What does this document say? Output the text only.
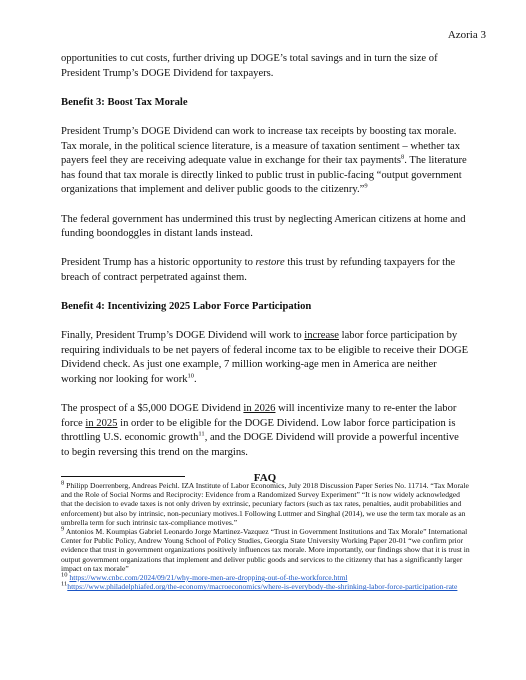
Azoria 3

opportunities to cut costs, further driving up DOGE’s total savings and in turn the size of President Trump’s DOGE Dividend for taxpayers.

Benefit 3: Boost Tax Morale

President Trump’s DOGE Dividend can work to increase tax receipts by boosting tax morale. Tax morale, in the political science literature, is a measure of taxation sentiment – whether tax payers feel they are receiving adequate value in exchange for their tax payments$^8$. The literature has found that tax morale is directly linked to public trust in public-facing “output government organizations that implement and deliver public goods to the citizenry.”$^9$

The federal government has undermined this trust by neglecting American citizens at home and funding boondoggles in distant lands instead.

President Trump has a historic opportunity to restore this trust by refunding taxpayers for the breach of contract perpetrated against them.

Benefit 4: Incentivizing 2025 Labor Force Participation

Finally, President Trump’s DOGE Dividend will work to increase labor force participation by requiring individuals to be net payers of federal income tax to be eligible to receive their DOGE Dividend check. As just one example, 7 million working-age men in America are neither working nor looking for work$^{10}$.

The prospect of a $5,000 DOGE Dividend in 2026 will incentivize many to re-enter the labor force in 2025 in order to be eligible for the DOGE Dividend. Low labor force participation is throttling U.S. economic growth$^{11}$, and the DOGE Dividend will provide a powerful incentive to begin reversing this trend on the margins.

FAQ

$^8$ Philipp Doerrenberg, Andreas Peichl. IZA Institute of Labor Economics, July 2018 Discussion Paper Series No. 11714. “Tax Morale and the Role of Social Norms and Reciprocity: Evidence from a Randomized Survey Experiment” “It is now widely acknowledged that the decision to evade taxes is not only driven by extrinsic, pecuniary factors (such as tax rates, penalties, audit probabilities and enforcement) but also by intrinsic, non-pecuniary motives.1 Following Luttmer and Singhal (2014), we use the term tax morale as an umbrella term for such intrinsic tax-compliance motives.”

$^9$ Antonios M. Koumpias Gabriel Leonardo Jorge Martinez-Vazquez “Trust in Government Institutions and Tax Morale” International Center for Public Policy, Andrew Young School of Policy Studies, Georgia State University Working Paper 20-01 “we confirm prior evidence that trust in government organizations positively influences tax morale. More importantly, our findings show that it is trust in output government organizations that implement and deliver public goods and services to the citizenry that has a significantly larger impact on tax morale”

$^{10}$ https://www.cnbc.com/2024/09/21/why-more-men-are-dropping-out-of-the-workforce.html

$^{11}$https://www.philadelphiafed.org/the-economy/macroeconomics/where-is-everybody-the-shrinking-labor-force-participation-rate
